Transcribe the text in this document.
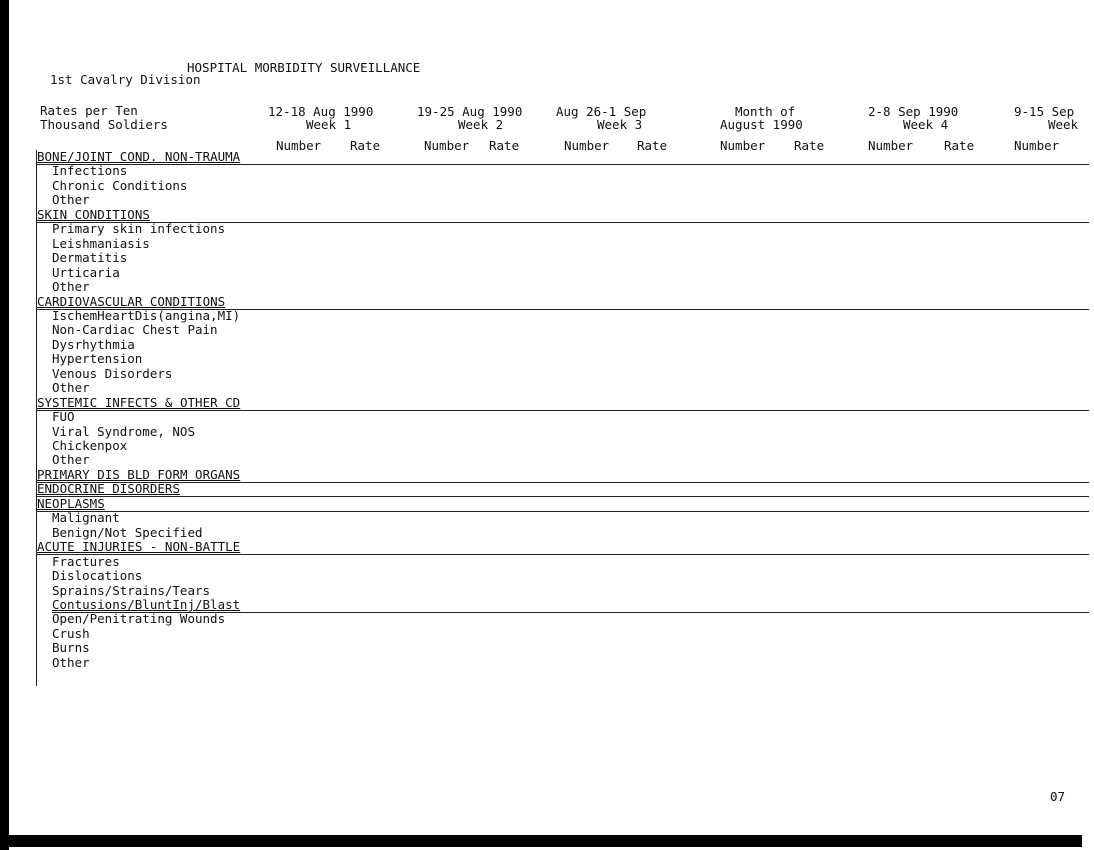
HOSPITAL MORBIDITY SURVEILLANCE
1st Cavalry Division
Rates per Ten
Thousand Soldiers
12-18 Aug 1990
Week 1
Number Rate
19-25 Aug 1990
Week 2
Number Rate
Aug 26-1 Sep
Week 3
Number Rate
Month of
August 1990
Number Rate
2-8 Sep 1990
Week 4
Number Rate
9-15 Sep
Week
Number
BONE/JOINT COND. NON-TRAUMA
Infections
Chronic Conditions
Other
SKIN CONDITIONS
Primary skin infections
Leishmaniasis
Dermatitis
Urticaria
Other
CARDIOVASCULAR CONDITIONS
IschemHeartDis(angina,MI)
Non-Cardiac Chest Pain
Dysrhythmia
Hypertension
Venous Disorders
Other
SYSTEMIC INFECTS & OTHER CD
FUO
Viral Syndrome, NOS
Chickenpox
Other
PRIMARY DIS BLD FORM ORGANS
ENDOCRINE DISORDERS
NEOPLASMS
Malignant
Benign/Not Specified
ACUTE INJURIES - NON-BATTLE
Fractures
Dislocations
Sprains/Strains/Tears
Contusions/BluntInj/Blast
Open/Penitrating Wounds
Crush
Burns
Other
07
